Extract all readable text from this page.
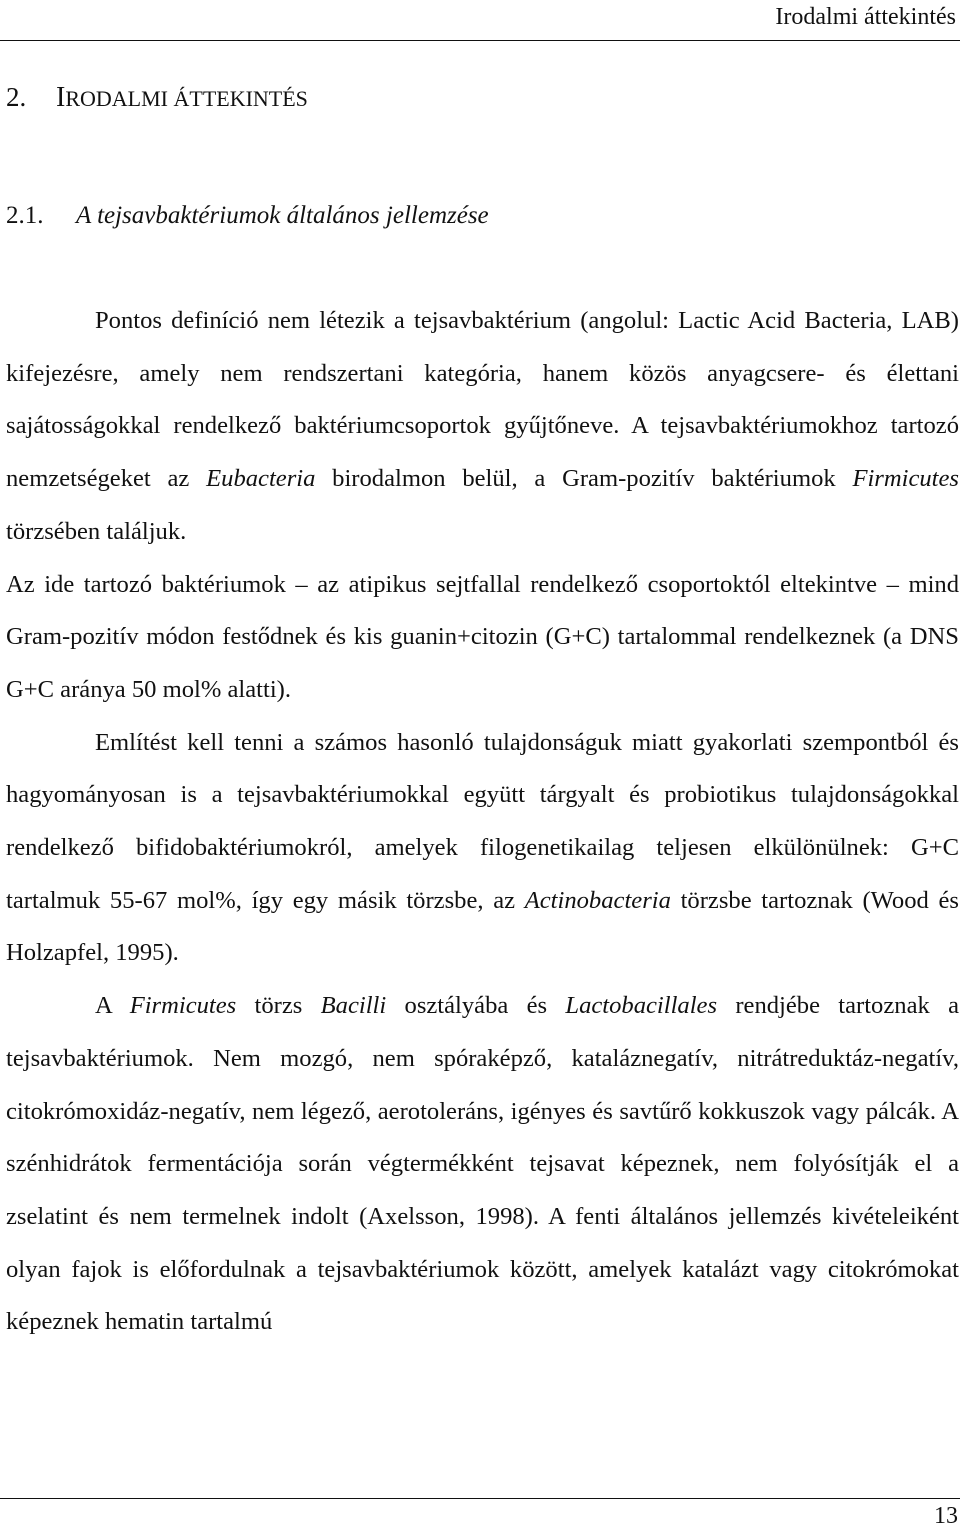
Irodalmi áttekintés
2. IRODALMI ÁTTEKINTÉS
2.1. A tejsavbaktériumok általános jellemzése

Pontos definíció nem létezik a tejsavbaktérium (angolul: Lactic Acid Bacteria, LAB) kifejezésre, amely nem rendszertani kategória, hanem közös anyagcsere- és élettani sajátosságokkal rendelkező baktériumcsoportok gyűjtőneve. A tejsavbaktériumokhoz tartozó nemzetségeket az Eubacteria birodalmon belül, a Gram-pozitív baktériumok Firmicutes törzsében találjuk.

Az ide tartozó baktériumok – az atipikus sejtfallal rendelkező csoportoktól eltekintve – mind Gram-pozitív módon festődnek és kis guanin+citozin (G+C) tartalommal rendelkeznek (a DNS G+C aránya 50 mol% alatti).

Említést kell tenni a számos hasonló tulajdonságuk miatt gyakorlati szempontból és hagyományosan is a tejsavbaktériumokkal együtt tárgyalt és probiotikus tulajdonságokkal rendelkező bifidobaktériumokról, amelyek filogenetikailag teljesen elkülönülnek: G+C tartalmuk 55-67 mol%, így egy másik törzsbe, az Actinobacteria törzsbe tartoznak (Wood és Holzapfel, 1995).

A Firmicutes törzs Bacilli osztályába és Lactobacillales rendjébe tartoznak a tejsavbaktériumok. Nem mozgó, nem spóraképző, kataláznegatív, nitrátreduktáz-negatív, citokrómoxidáz-negatív, nem légező, aerotoleráns, igényes és savtűrő kokkuszok vagy pálcák. A szénhidrátok fermentációja során végtermékként tejsavat képeznek, nem folyósítják el a zselatint és nem termelnek indolt (Axelsson, 1998). A fenti általános jellemzés kivételeiként olyan fajok is előfordulnak a tejsavbaktériumok között, amelyek katalázt vagy citokrómokat képeznek hematin tartalmú

13
